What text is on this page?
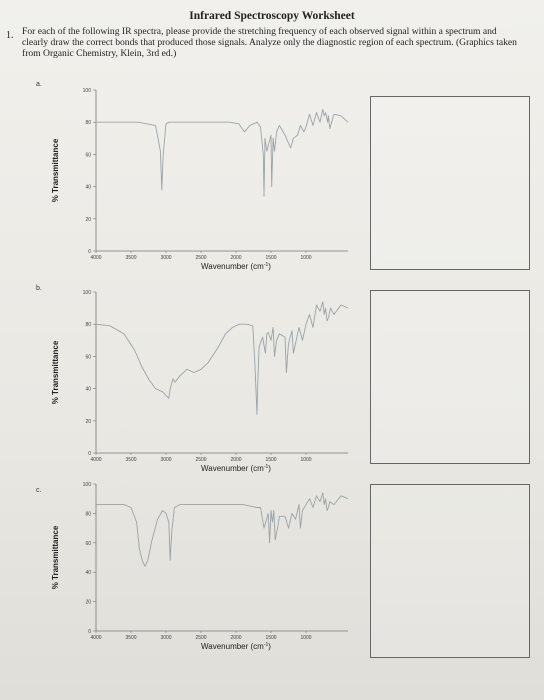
Infrared Spectroscopy Worksheet
1. For each of the following IR spectra, please provide the stretching frequency of each observed signal within a spectrum and clearly draw the correct bonds that produced those signals. Analyze only the diagnostic region of each spectrum. (Graphics taken from Organic Chemistry, Klein, 3rd ed.)
a.
0
20
40
60
80
100
4000	3500	3000	2500	2000	1500	1000
Wavenumber $(cm^{-1})$
% Transmittance
b.
0
20
40
60
80
100
4000	3500	3000	2500	2000	1500	1000
Wavenumber $(cm^{-1})$
% Transmittance
c.
0
20
40
60
80
100
4000	3500	3000	2500	2000	1500	1000
Wavenumber $(cm^{-1})$
% Transmittance
